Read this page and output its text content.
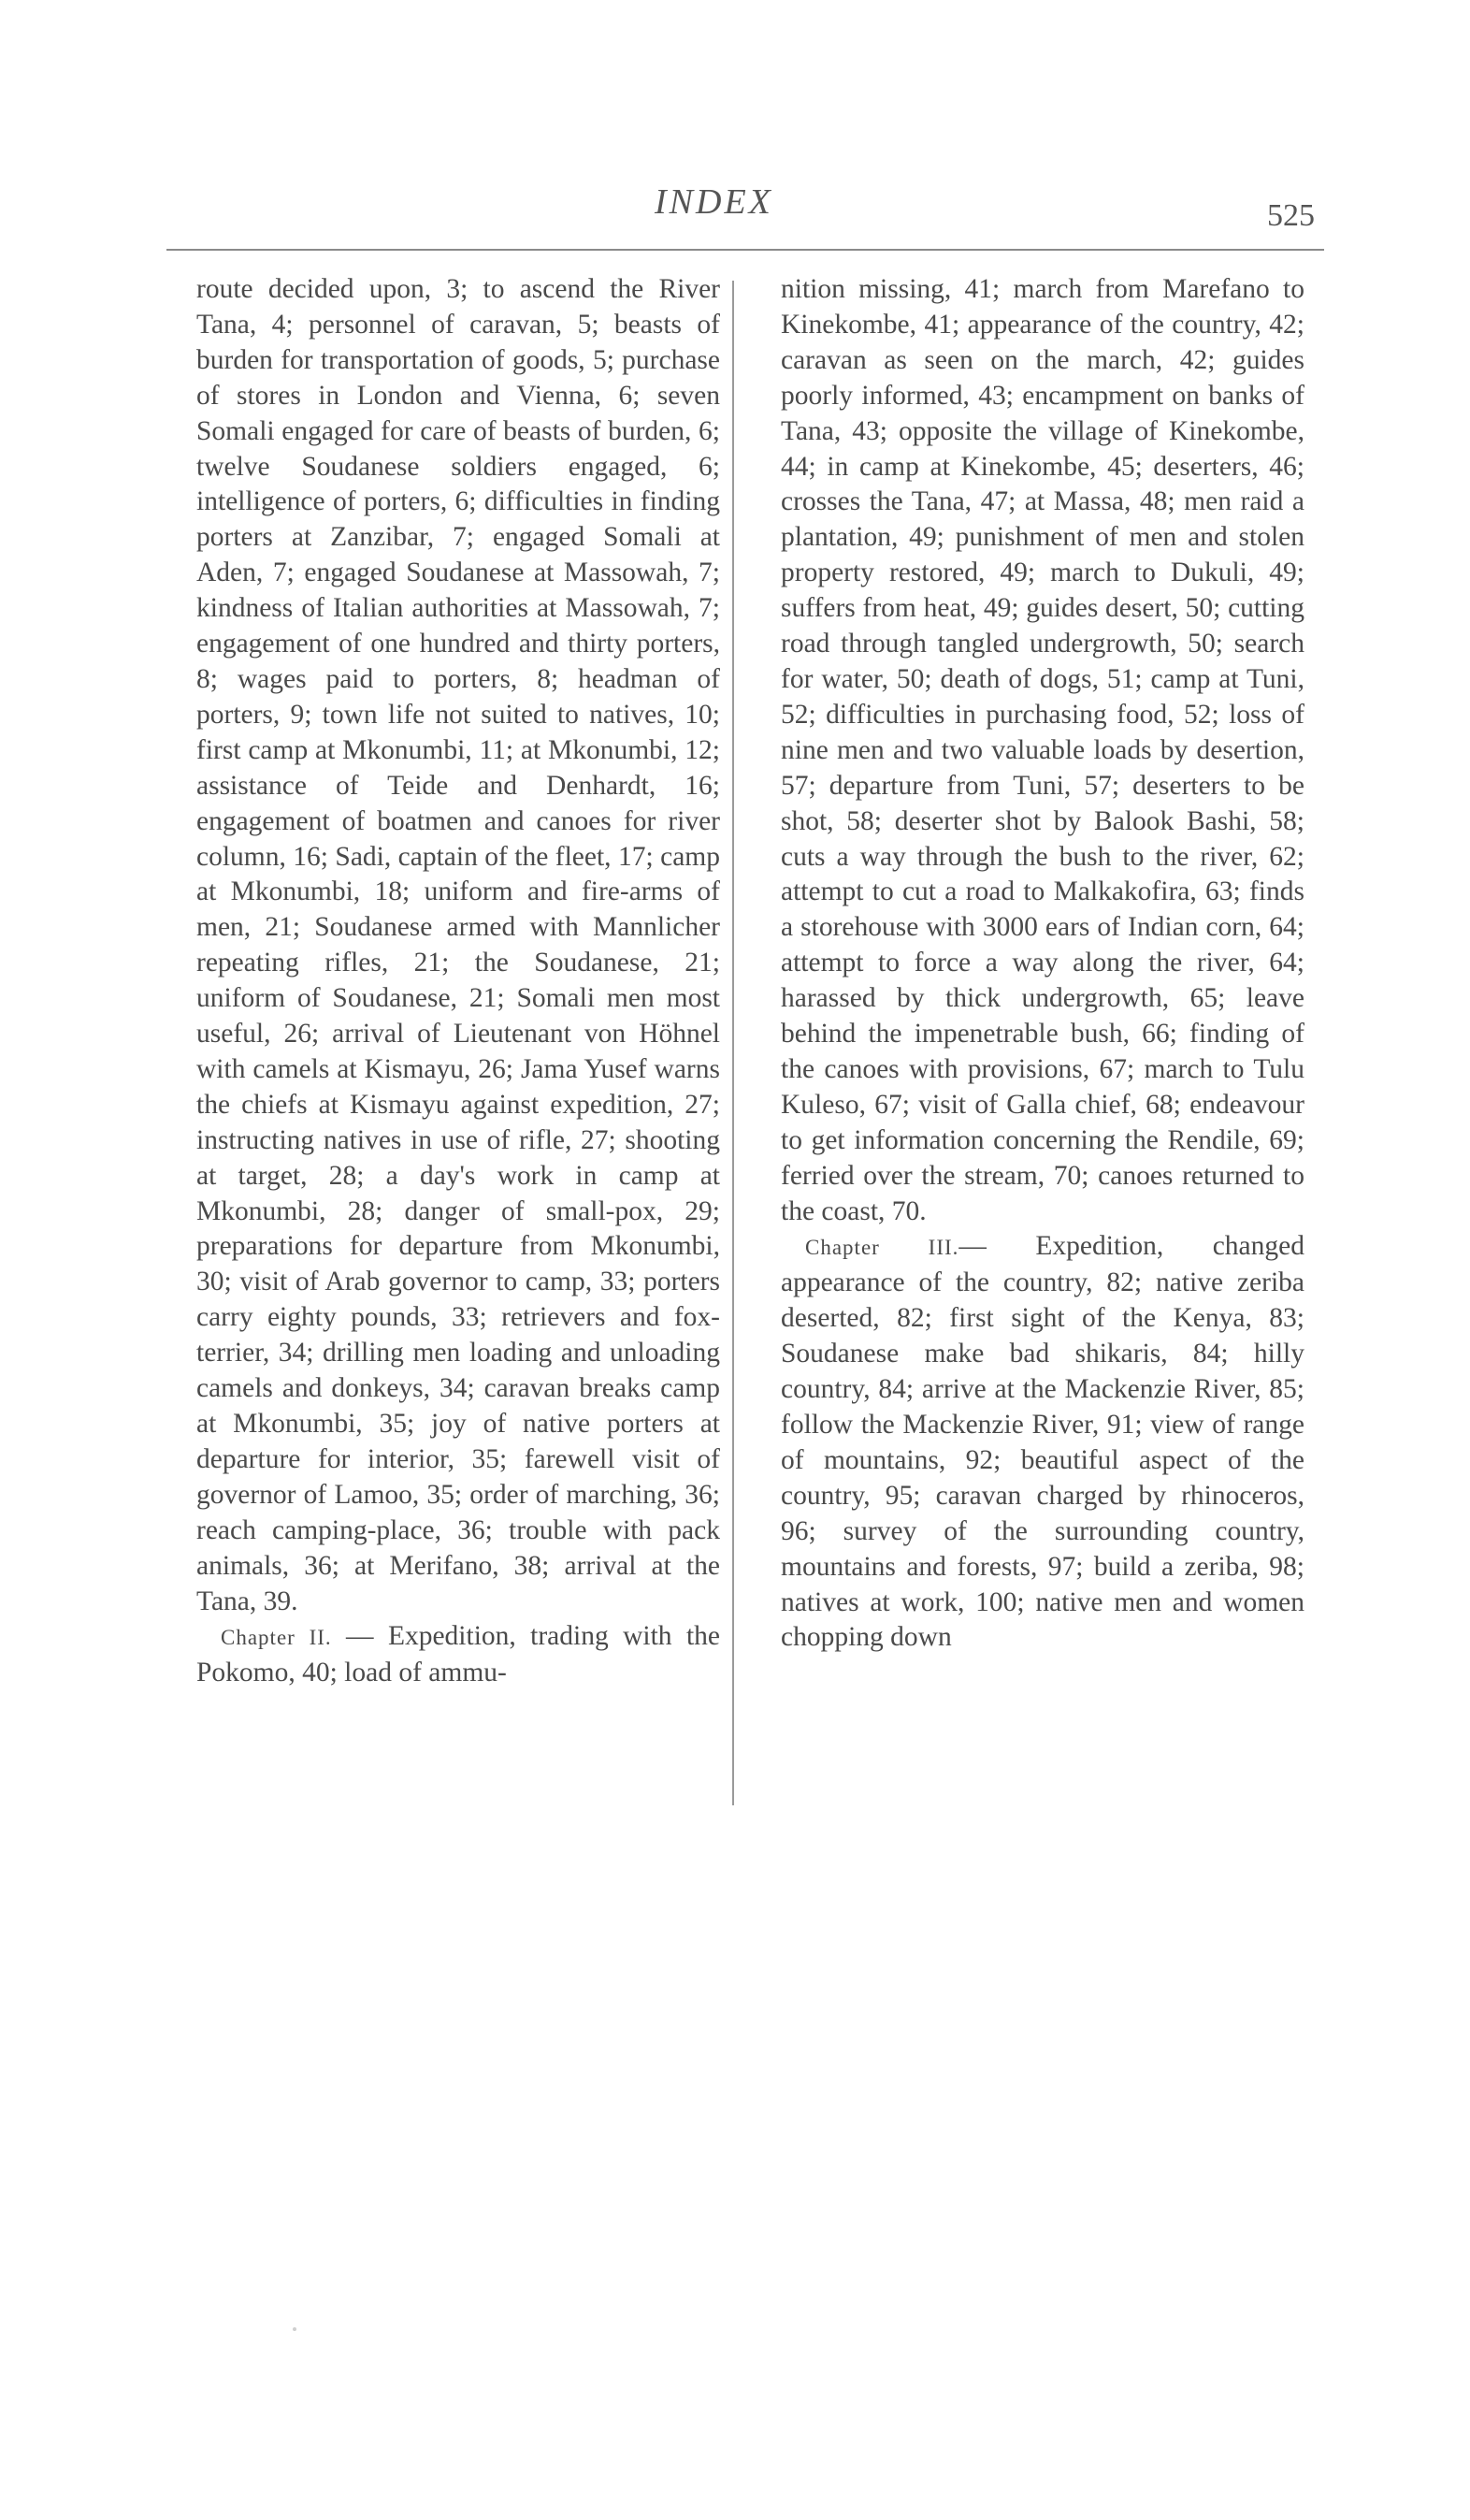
INDEX	525

route decided upon, 3; to ascend the River Tana, 4; personnel of caravan, 5; beasts of burden for transportation of goods, 5; purchase of stores in London and Vienna, 6; seven Somali engaged for care of beasts of burden, 6; twelve Soudanese soldiers engaged, 6; intelligence of porters, 6; difficulties in finding porters at Zanzibar, 7; engaged Somali at Aden, 7; engaged Soudanese at Massowah, 7; kindness of Italian authorities at Massowah, 7; engagement of one hundred and thirty porters, 8; wages paid to porters, 8; headman of porters, 9; town life not suited to natives, 10; first camp at Mkonumbi, 11; at Mkonumbi, 12; assistance of Teide and Denhardt, 16; engagement of boatmen and canoes for river column, 16; Sadi, captain of the fleet, 17; camp at Mkonumbi, 18; uniform and fire-arms of men, 21; Soudanese armed with Mannlicher repeating rifles, 21; the Soudanese, 21; uniform of Soudanese, 21; Somali men most useful, 26; arrival of Lieutenant von Höhnel with camels at Kismayu, 26; Jama Yusef warns the chiefs at Kismayu against expedition, 27; instructing natives in use of rifle, 27; shooting at target, 28; a day's work in camp at Mkonumbi, 28; danger of small-pox, 29; preparations for departure from Mkonumbi, 30; visit of Arab governor to camp, 33; porters carry eighty pounds, 33; retrievers and fox-terrier, 34; drilling men loading and unloading camels and donkeys, 34; caravan breaks camp at Mkonumbi, 35; joy of native porters at departure for interior, 35; farewell visit of governor of Lamoo, 35; order of marching, 36; reach camping-place, 36; trouble with pack animals, 36; at Merifano, 38; arrival at the Tana, 39.

Chapter II. — Expedition, trading with the Pokomo, 40; load of ammu-

nition missing, 41; march from Marefano to Kinekombe, 41; appearance of the country, 42; caravan as seen on the march, 42; guides poorly informed, 43; encampment on banks of Tana, 43; opposite the village of Kinekombe, 44; in camp at Kinekombe, 45; deserters, 46; crosses the Tana, 47; at Massa, 48; men raid a plantation, 49; punishment of men and stolen property restored, 49; march to Dukuli, 49; suffers from heat, 49; guides desert, 50; cutting road through tangled undergrowth, 50; search for water, 50; death of dogs, 51; camp at Tuni, 52; difficulties in purchasing food, 52; loss of nine men and two valuable loads by desertion, 57; departure from Tuni, 57; deserters to be shot, 58; deserter shot by Balook Bashi, 58; cuts a way through the bush to the river, 62; attempt to cut a road to Malkakofira, 63; finds a storehouse with 3000 ears of Indian corn, 64; attempt to force a way along the river, 64; harassed by thick undergrowth, 65; leave behind the impenetrable bush, 66; finding of the canoes with provisions, 67; march to Tulu Kuleso, 67; visit of Galla chief, 68; endeavour to get information concerning the Rendile, 69; ferried over the stream, 70; canoes returned to the coast, 70.

Chapter III.— Expedition, changed appearance of the country, 82; native zeriba deserted, 82; first sight of the Kenya, 83; Soudanese make bad shikaris, 84; hilly country, 84; arrive at the Mackenzie River, 85; follow the Mackenzie River, 91; view of range of mountains, 92; beautiful aspect of the country, 95; caravan charged by rhinoceros, 96; survey of the surrounding country, mountains and forests, 97; build a zeriba, 98; natives at work, 100; native men and women chopping down
